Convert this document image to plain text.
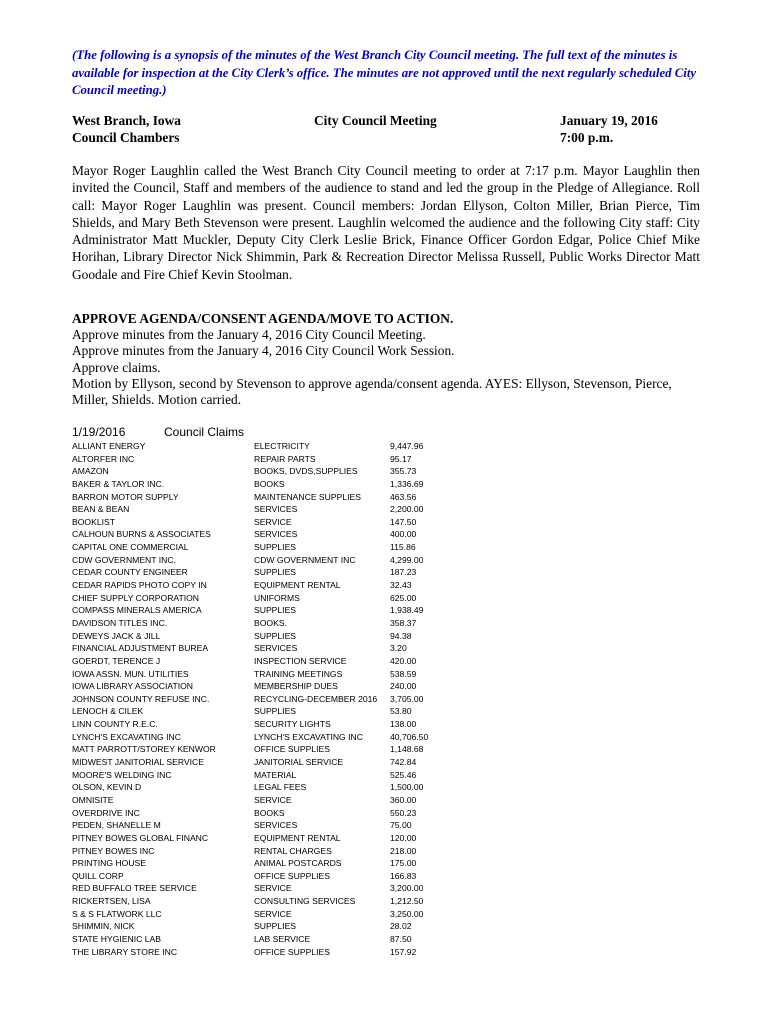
(The following is a synopsis of the minutes of the West Branch City Council meeting. The full text of the minutes is available for inspection at the City Clerk’s office. The minutes are not approved until the next regularly scheduled City Council meeting.)
West Branch, Iowa
Council Chambers
City Council Meeting	January 19, 2016
7:00 p.m.
Mayor Roger Laughlin called the West Branch City Council meeting to order at 7:17 p.m. Mayor Laughlin then invited the Council, Staff and members of the audience to stand and led the group in the Pledge of Allegiance. Roll call: Mayor Roger Laughlin was present. Council members: Jordan Ellyson, Colton Miller, Brian Pierce, Tim Shields, and Mary Beth Stevenson were present. Laughlin welcomed the audience and the following City staff: City Administrator Matt Muckler, Deputy City Clerk Leslie Brick, Finance Officer Gordon Edgar, Police Chief Mike Horihan, Library Director Nick Shimmin, Park & Recreation Director Melissa Russell, Public Works Director Matt Goodale and Fire Chief Kevin Stoolman.
APPROVE AGENDA/CONSENT AGENDA/MOVE TO ACTION.
Approve minutes from the January 4, 2016 City Council Meeting.
Approve minutes from the January 4, 2016 City Council Work Session.
Approve claims.
Motion by Ellyson, second by Stevenson to approve agenda/consent agenda. AYES: Ellyson, Stevenson, Pierce, Miller, Shields. Motion carried.
1/19/2016	Council Claims
ALLIANT ENERGY	ELECTRICITY	9,447.96
ALTORFER INC	REPAIR PARTS	95.17
AMAZON	BOOKS, DVDS,SUPPLIES	355.73
BAKER & TAYLOR INC.	BOOKS	1,336.69
BARRON MOTOR SUPPLY	MAINTENANCE SUPPLIES	463.56
BEAN & BEAN	SERVICES	2,200.00
BOOKLIST	SERVICE	147.50
CALHOUN BURNS & ASSOCIATES	SERVICES	400.00
CAPITAL ONE COMMERCIAL	SUPPLIES	115.86
CDW GOVERNMENT INC.	CDW GOVERNMENT INC	4,299.00
CEDAR COUNTY ENGINEER	SUPPLIES	187.23
CEDAR RAPIDS PHOTO COPY IN	EQUIPMENT RENTAL	32.43
CHIEF SUPPLY CORPORATION	UNIFORMS	625.00
COMPASS MINERALS AMERICA	SUPPLIES	1,938.49
DAVIDSON TITLES INC.	BOOKS.	358.37
DEWEYS JACK & JILL	SUPPLIES	94.38
FINANCIAL ADJUSTMENT BUREA	SERVICES	3.20
GOERDT, TERENCE J	INSPECTION SERVICE	420.00
IOWA ASSN. MUN. UTILITIES	TRAINING MEETINGS	538.59
IOWA LIBRARY ASSOCIATION	MEMBERSHIP DUES	240.00
JOHNSON COUNTY REFUSE INC.	RECYCLING-DECEMBER 2016 3,705.00
LENOCH & CILEK	SUPPLIES	53.80
LINN COUNTY R.E.C.	SECURITY LIGHTS	138.00
LYNCH'S EXCAVATING INC	LYNCH'S EXCAVATING INC	40,706.50
MATT PARROTT/STOREY KENWOR	OFFICE SUPPLIES	1,148.68
MIDWEST JANITORIAL SERVICE	JANITORIAL SERVICE	742.84
MOORE'S WELDING INC	MATERIAL	525.46
OLSON, KEVIN D	LEGAL FEES	1,500.00
OMNISITE	SERVICE	360.00
OVERDRIVE INC	BOOKS	550.23
PEDEN, SHANELLE M	SERVICES	75.00
PITNEY BOWES GLOBAL FINANC	EQUIPMENT RENTAL	120.00
PITNEY BOWES INC	RENTAL CHARGES	218.00
PRINTING HOUSE	ANIMAL POSTCARDS	175.00
QUILL CORP	OFFICE SUPPLIES	166.83
RED BUFFALO TREE SERVICE	SERVICE	3,200.00
RICKERTSEN, LISA	CONSULTING SERVICES	1,212.50
S & S FLATWORK LLC	SERVICE	3,250.00
SHIMMIN, NICK	SUPPLIES	28.02
STATE HYGIENIC LAB	LAB SERVICE	87.50
THE LIBRARY STORE INC	OFFICE SUPPLIES	157.92
